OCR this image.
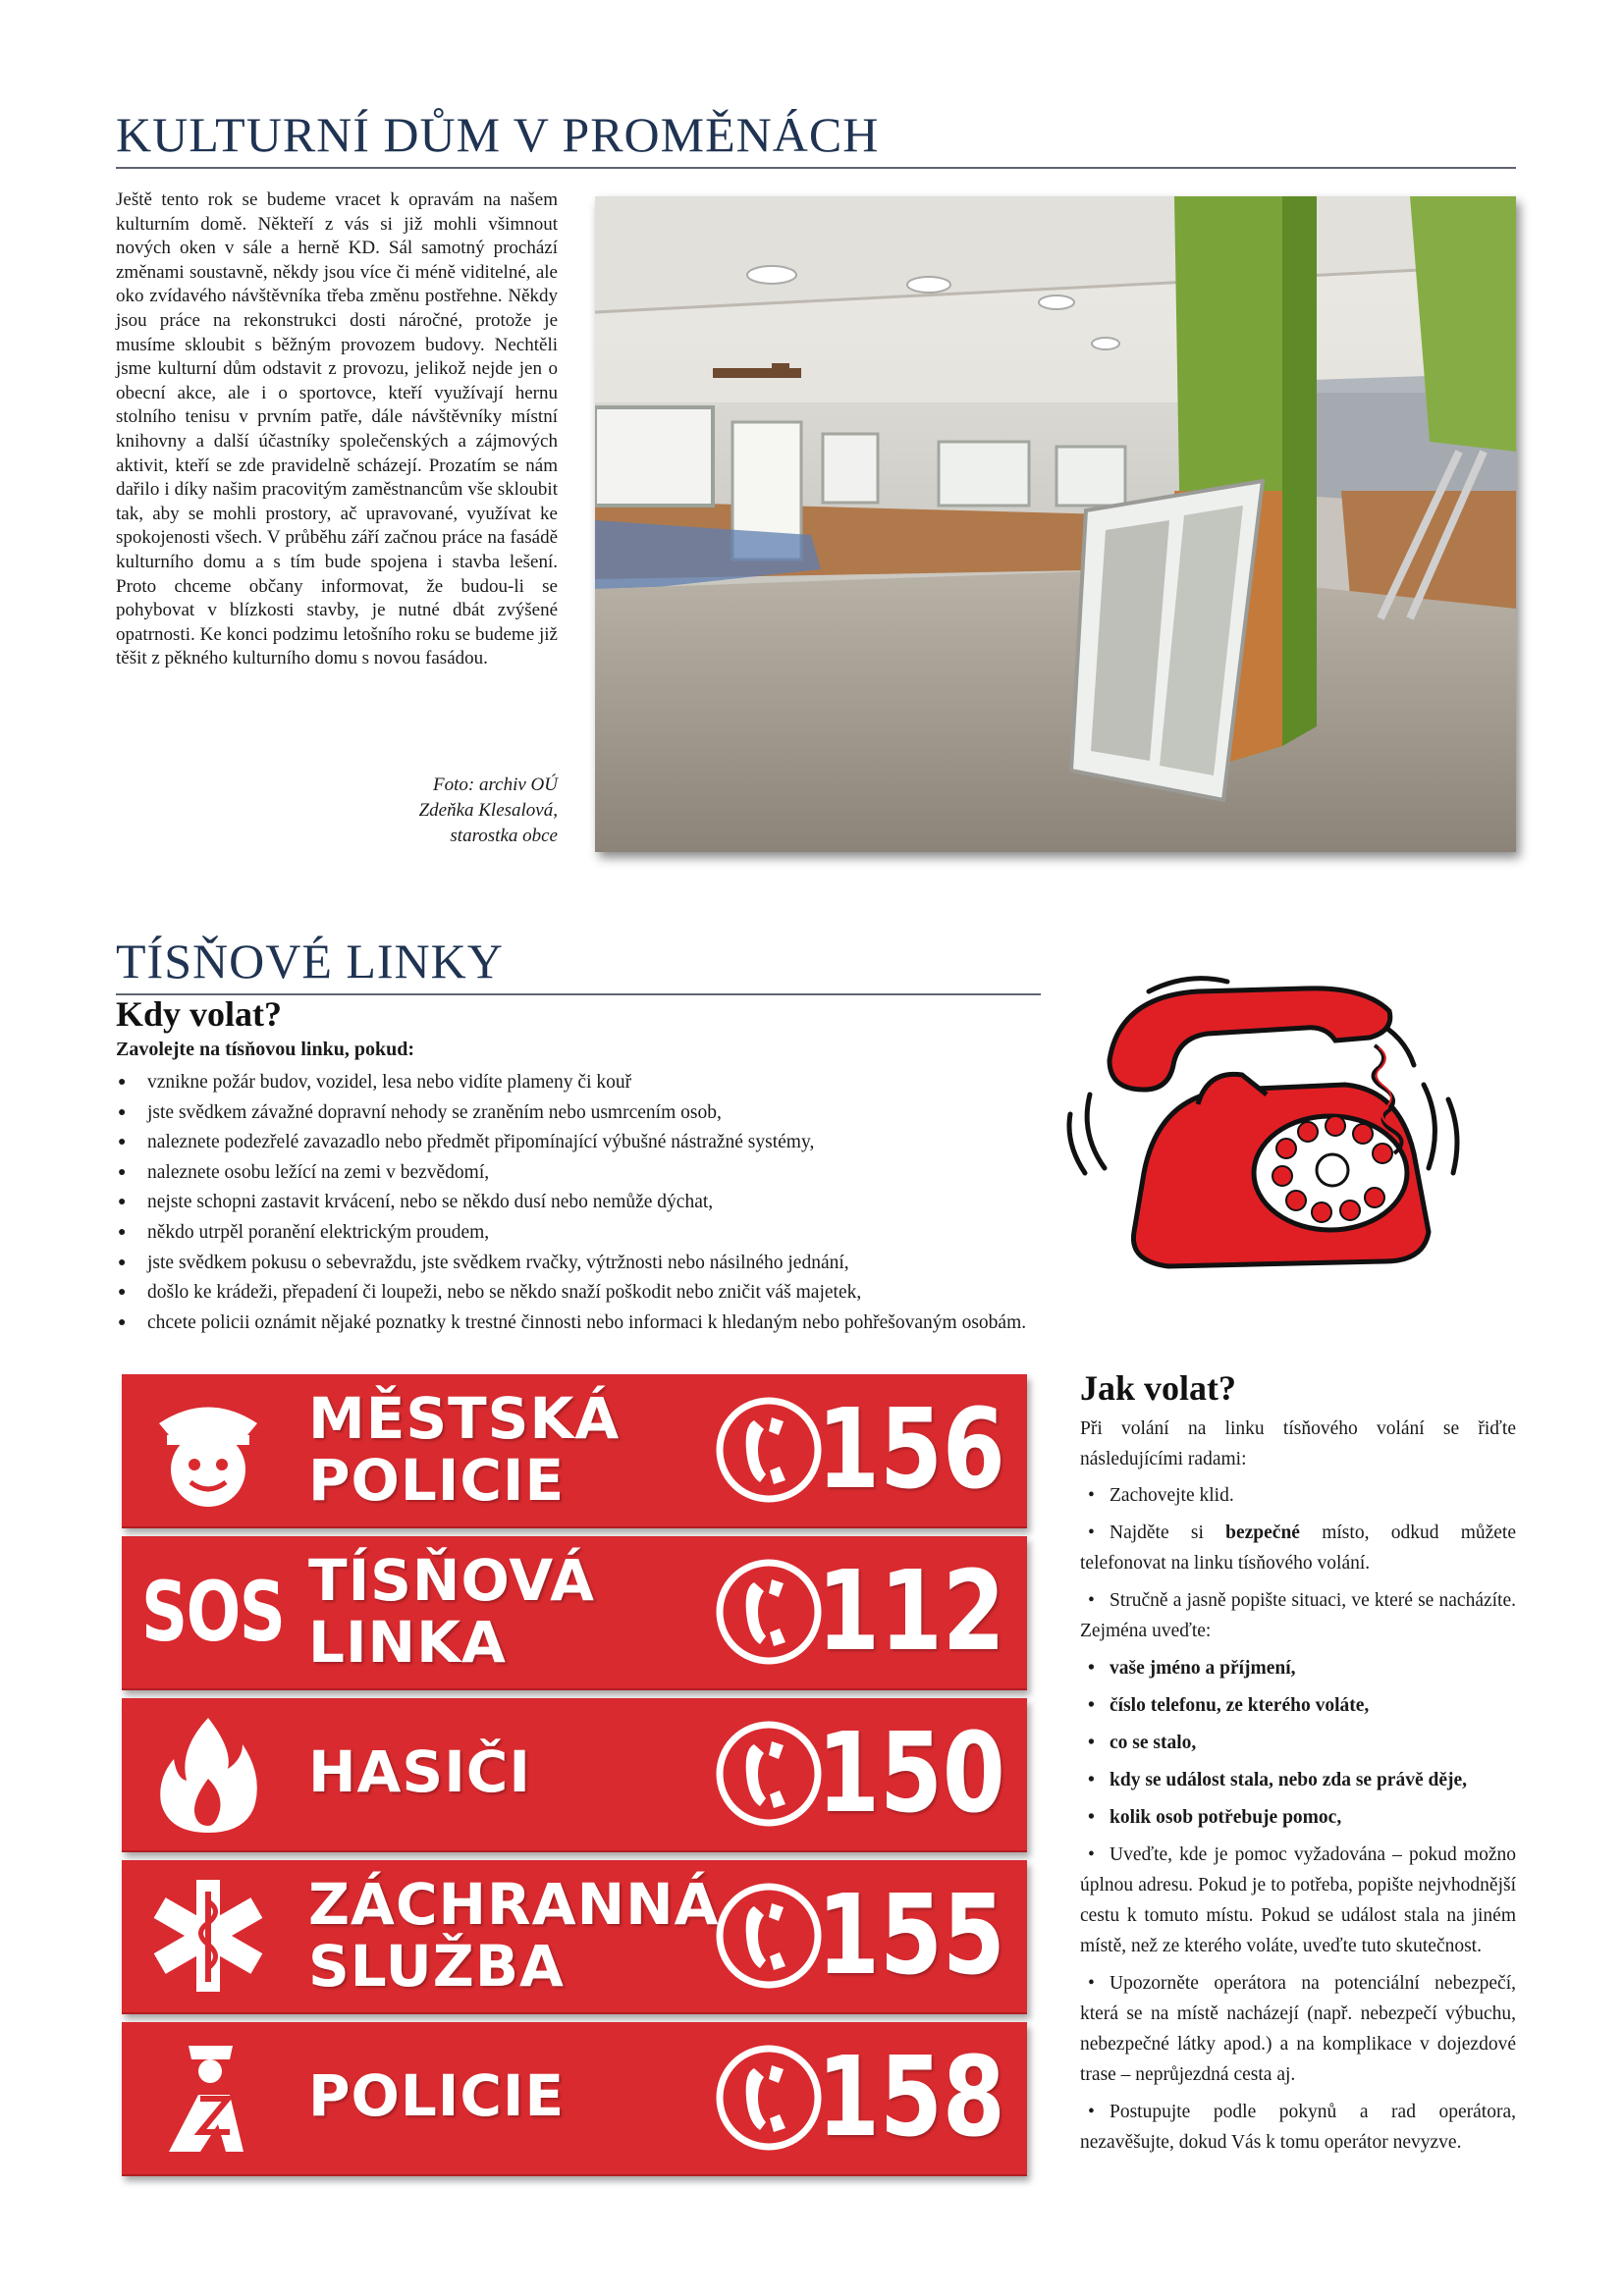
KULTURNÍ DŮM V PROMĚNÁCH
Ještě tento rok se budeme vracet k opravám na našem kulturním domě. Někteří z vás si již mohli všimnout nových oken v sále a herně KD. Sál samotný prochází změnami soustavně, někdy jsou více či méně viditelné, ale oko zvídavého návštěvníka třeba změnu postřehne. Někdy jsou práce na rekonstrukci dosti náročné, protože je musíme skloubit s běžným provozem budovy. Nechtěli jsme kulturní dům odstavit z provozu, jelikož nejde jen o obecní akce, ale i o sportovce, kteří využívají hernu stolního tenisu v prvním patře, dále návštěvníky místní knihovny a další účastníky společenských a zájmových aktivit, kteří se zde pravidelně scházejí. Prozatím se nám dařilo i díky našim pracovitým zaměstnancům vše skloubit tak, aby se mohli prostory, ač upravované, využívat ke spokojenosti všech. V průběhu září začnou práce na fasádě kulturního domu a s tím bude spojena i stavba lešení. Proto chceme občany informovat, že budou-li se pohybovat v blízkosti stavby, je nutné dbát zvýšené opatrnosti. Ke konci podzimu letošního roku se budeme již těšit z pěkného kulturního domu s novou fasádou.
Foto: archiv OÚ
Zdeňka Klesalová,
starostka obce
TÍSŇOVÉ LINKY
Kdy volat?

Zavolejte na tísňovou linku, pokud:

● vznikne požár budov, vozidel, lesa nebo vidíte plameny či kouř
● jste svědkem závažné dopravní nehody se zraněním nebo usmrcením osob,
● naleznete podezřelé zavazadlo nebo předmět připomínající výbušné nástražné systémy,
● naleznete osobu ležící na zemi v bezvědomí,
● nejste schopni zastavit krvácení, nebo se někdo dusí nebo nemůže dýchat,
● někdo utrpěl poranění elektrickým proudem,
● jste svědkem pokusu o sebevraždu, jste svědkem rvačky, výtržnosti nebo násilného jednání,
● došlo ke krádeži, přepadení či loupeži, nebo se někdo snaží poškodit nebo zničit váš majetek,
● chcete policii oznámit nějaké poznatky k trestné činnosti nebo informaci k hledaným nebo pohřešovaným osobám.
MĚSTSKÁ
POLICIE	156
SOS TÍSŇOVÁ
LINKA	112
HASIČI	150
ZÁCHRANNÁ
SLUŽBA	155
POLICIE	158
Jak volat?

Při volání na linku tísňového volání se řiďte následujícími radami:

• Zachovejte klid.
• Najděte si bezpečné místo, odkud můžete telefonovat na linku tísňového volání.
• Stručně a jasně popište situaci, ve které se nacházíte. Zejména uveďte:
• vaše jméno a příjmení,
• číslo telefonu, ze kterého voláte,
• co se stalo,
• kdy se událost stala, nebo zda se právě děje,
• kolik osob potřebuje pomoc,
• Uveďte, kde je pomoc vyžadována – pokud možno úplnou adresu. Pokud je to potřeba, popište nejvhodnější cestu k tomuto místu. Pokud se událost stala na jiném místě, než ze kterého voláte, uveďte tuto skutečnost.
• Upozorněte operátora na potenciální nebezpečí, která se na místě nacházejí (např. nebezpečí výbuchu, nebezpečné látky apod.) a na komplikace v dojezdové trase – neprůjezdná cesta aj.
• Postupujte podle pokynů a rad operátora, nezavěšujte, dokud Vás k tomu operátor nevyzve.
